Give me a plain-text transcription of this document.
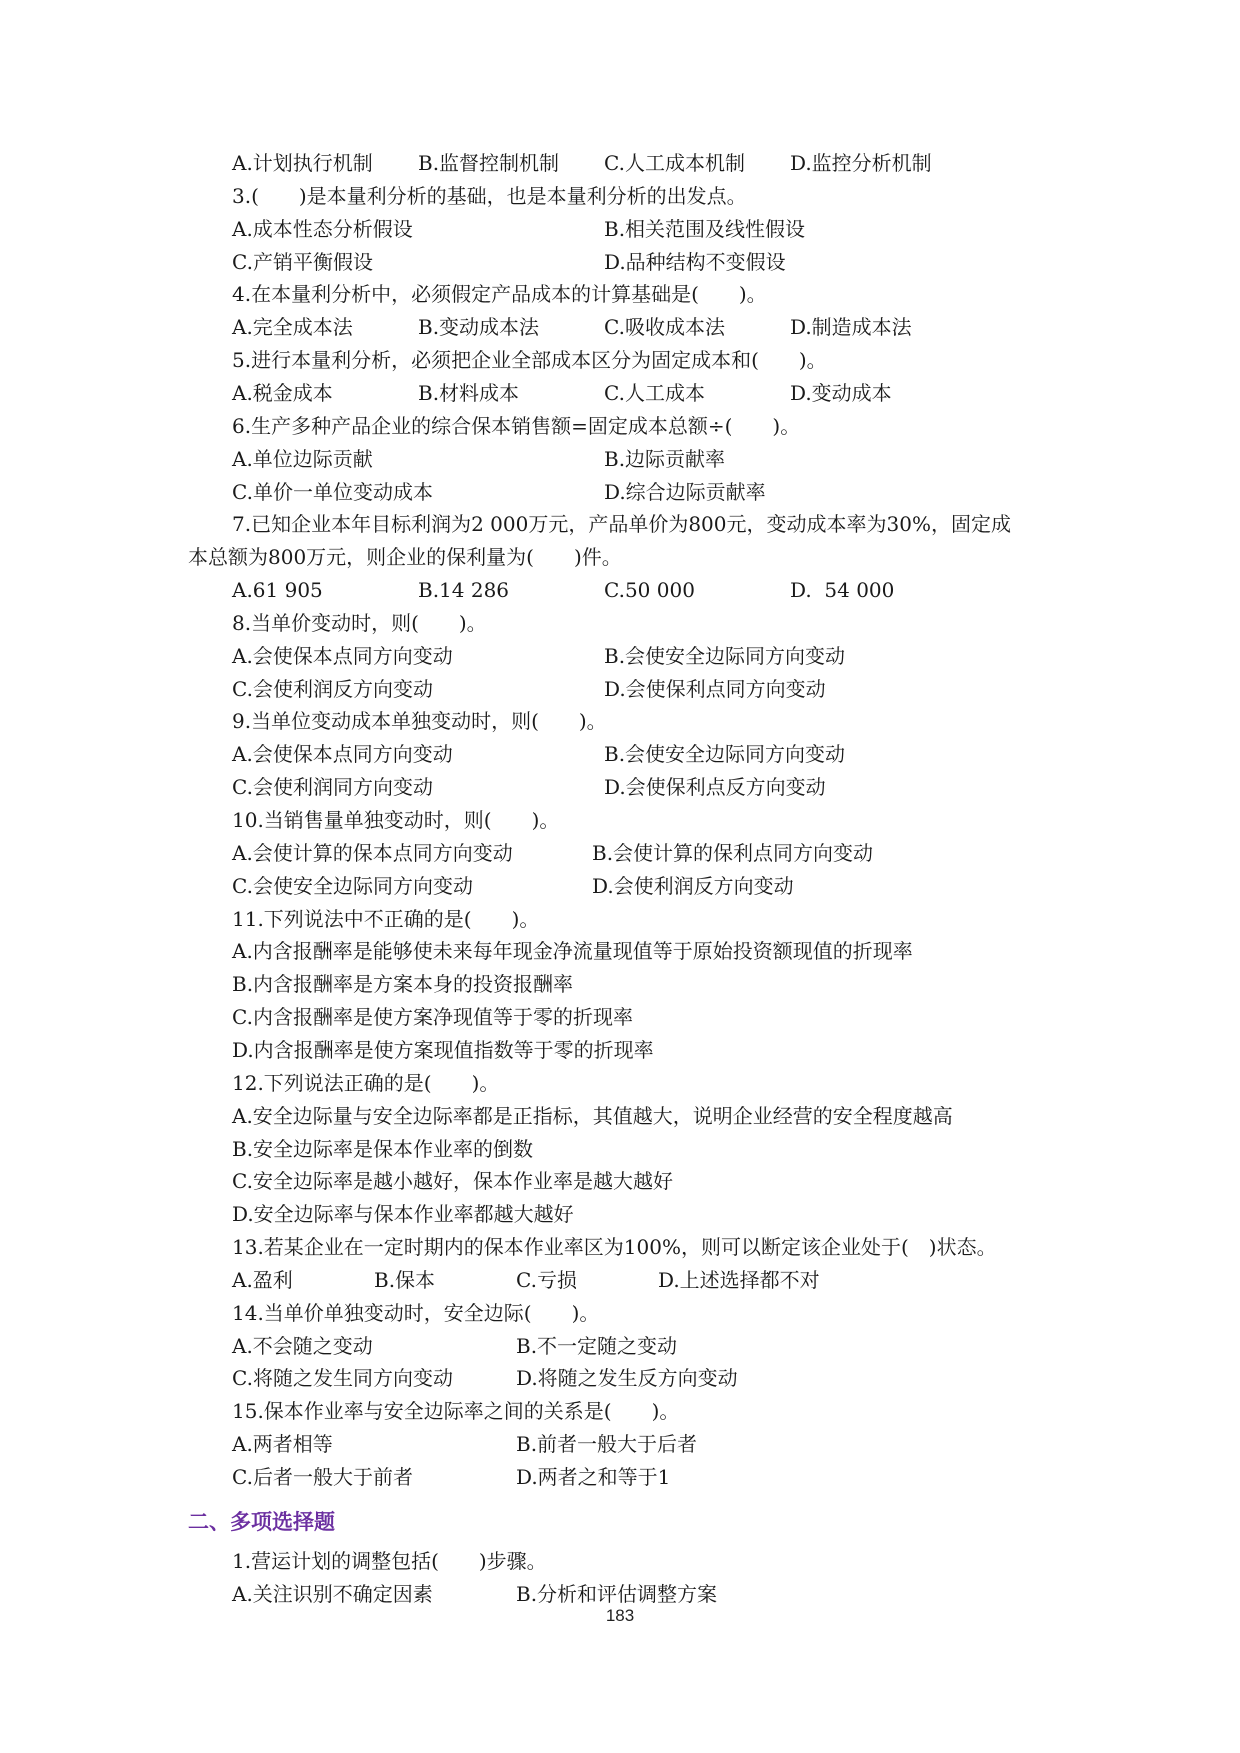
A.计划执行机制 B.监督控制机制 C.人工成本机制 D.监控分析机制
3.(　　)是本量利分析的基础，也是本量利分析的出发点。
A.成本性态分析假设	B.相关范围及线性假设
C.产销平衡假设	D.品种结构不变假设
4.在本量利分析中，必须假定产品成本的计算基础是(　　)。
A.完全成本法	B.变动成本法	C.吸收成本法	D.制造成本法
5.进行本量利分析，必须把企业全部成本区分为固定成本和(　　)。
A.税金成本	B.材料成本	C.人工成本	D.变动成本
6.生产多种产品企业的综合保本销售额=固定成本总额÷(　　)。
A.单位边际贡献	B.边际贡献率
C.单价一单位变动成本	D.综合边际贡献率
7.已知企业本年目标利润为2 000万元，产品单价为800元，变动成本率为30%，固定成
本总额为800万元，则企业的保利量为(　　)件。
A.61 905	B.14 286	C.50 000	D.  54 000
8.当单价变动时，则(　　)。
A.会使保本点同方向变动	B.会使安全边际同方向变动
C.会使利润反方向变动	D.会使保利点同方向变动
9.当单位变动成本单独变动时，则(　　)。
A.会使保本点同方向变动	B.会使安全边际同方向变动
C.会使利润同方向变动	D.会使保利点反方向变动
10.当销售量单独变动时，则(　　)。
A.会使计算的保本点同方向变动	B.会使计算的保利点同方向变动
C.会使安全边际同方向变动	D.会使利润反方向变动
11.下列说法中不正确的是(　　)。
A.内含报酬率是能够使未来每年现金净流量现值等于原始投资额现值的折现率
B.内含报酬率是方案本身的投资报酬率
C.内含报酬率是使方案净现值等于零的折现率
D.内含报酬率是使方案现值指数等于零的折现率
12.下列说法正确的是(　　)。
A.安全边际量与安全边际率都是正指标，其值越大，说明企业经营的安全程度越高
B.安全边际率是保本作业率的倒数
C.安全边际率是越小越好，保本作业率是越大越好
D.安全边际率与保本作业率都越大越好
13.若某企业在一定时期内的保本作业率区为100%，则可以断定该企业处于(　)状态。
A.盈利	B.保本	C.亏损	D.上述选择都不对
14.当单价单独变动时，安全边际(　　)。
A.不会随之变动	B.不一定随之变动
C.将随之发生同方向变动	D.将随之发生反方向变动
15.保本作业率与安全边际率之间的关系是(　　)。
A.两者相等	B.前者一般大于后者
C.后者一般大于前者	D.两者之和等于1
二、多项选择题
1.营运计划的调整包括(　　)步骤。
A.关注识别不确定因素	B.分析和评估调整方案
183
